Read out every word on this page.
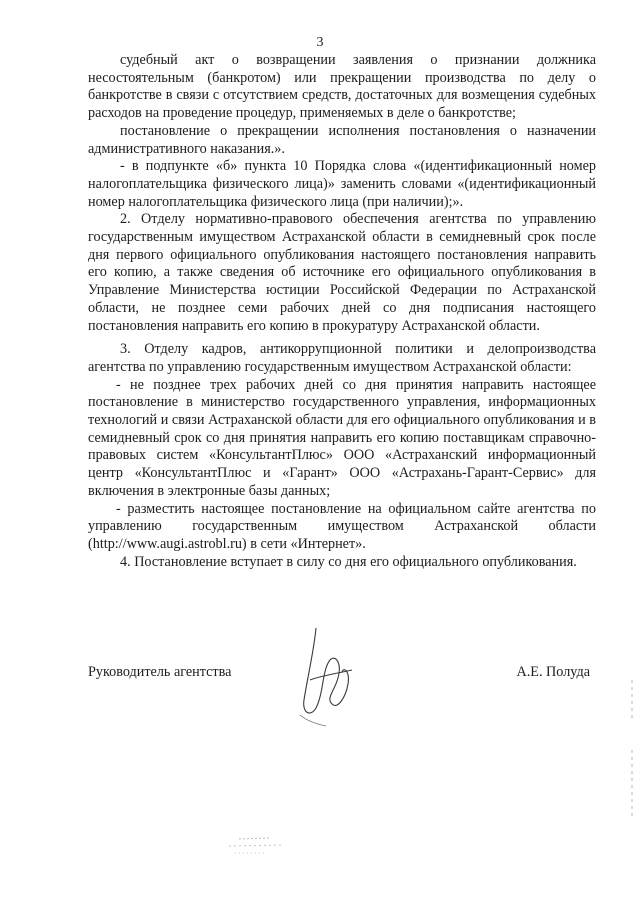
3

судебный акт о возвращении заявления о признании должника несостоятельным (банкротом) или прекращении производства по делу о банкротстве в связи с отсутствием средств, достаточных для возмещения судебных расходов на проведение процедур, применяемых в деле о банкротстве;

постановление о прекращении исполнения постановления о назначении административного наказания.».

- в подпункте «б» пункта 10 Порядка слова «(идентификационный номер налогоплательщика физического лица)» заменить словами «(идентификационный номер налогоплательщика физического лица (при наличии);».

2. Отделу нормативно-правового обеспечения агентства по управлению государственным имуществом Астраханской области в семидневный срок после дня первого официального опубликования настоящего постановления направить его копию, а также сведения об источнике его официального опубликования в Управление Министерства юстиции Российской Федерации по Астраханской области, не позднее семи рабочих дней со дня подписания настоящего постановления направить его копию в прокуратуру Астраханской области.

3. Отделу кадров, антикоррупционной политики и делопроизводства агентства по управлению государственным имуществом Астраханской области:

- не позднее трех рабочих дней со дня принятия направить настоящее постановление в министерство государственного управления, информационных технологий и связи Астраханской области для его официального опубликования и в семидневный срок со дня принятия направить его копию поставщикам справочно-правовых систем «КонсультантПлюс» ООО «Астраханский информационный центр «КонсультантПлюс и «Гарант» ООО «Астрахань-Гарант-Сервис» для включения в электронные базы данных;

- разместить настоящее постановление на официальном сайте агентства по управлению государственным имуществом Астраханской области (http://www.augi.astrobl.ru) в сети «Интернет».

4. Постановление вступает в силу со дня его официального опубликования.

Руководитель агентства	А.Е. Полуда
